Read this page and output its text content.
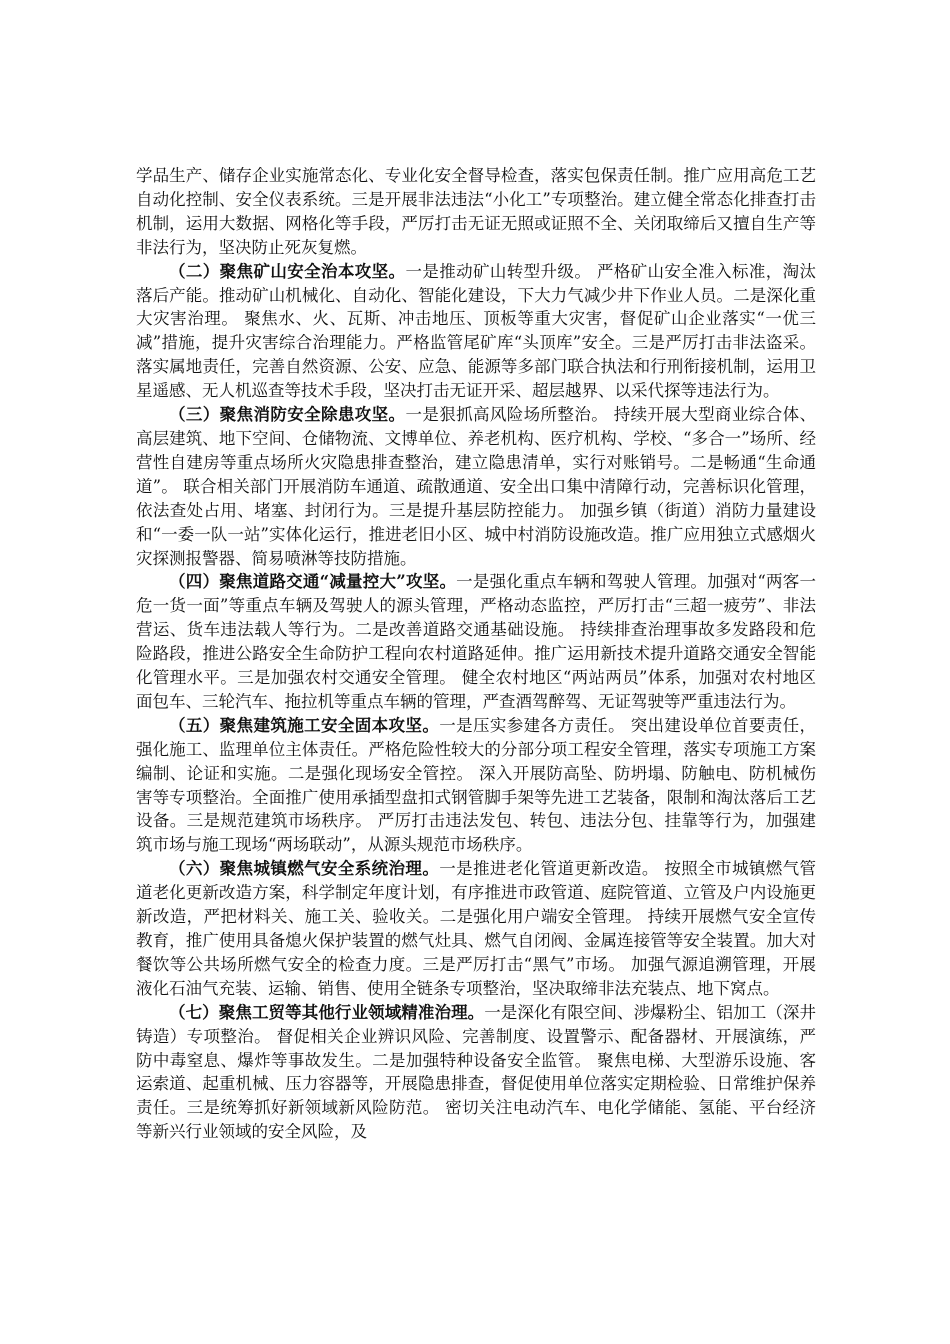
学品生产、储存企业实施常态化、专业化安全督导检查，落实包保责任制。推广应用高危工艺自动化控制、安全仪表系统。三是开展非法违法“小化工”专项整治。建立健全常态化排查打击机制，运用大数据、网格化等手段，严厉打击无证无照或证照不全、关闭取缔后又擅自生产等非法行为，坚决防止死灰复燃。

（二）聚焦矿山安全治本攻坚。一是推动矿山转型升级。 严格矿山安全准入标准，淘汰落后产能。推动矿山机械化、自动化、智能化建设，下大力气减少井下作业人员。二是深化重大灾害治理。 聚焦水、火、瓦斯、冲击地压、顶板等重大灾害，督促矿山企业落实“一优三减”措施，提升灾害综合治理能力。严格监管尾矿库“头顶库”安全。三是严厉打击非法盗采。 落实属地责任，完善自然资源、公安、应急、能源等多部门联合执法和行刑衔接机制，运用卫星遥感、无人机巡查等技术手段，坚决打击无证开采、超层越界、以采代探等违法行为。

（三）聚焦消防安全除患攻坚。一是狠抓高风险场所整治。 持续开展大型商业综合体、高层建筑、地下空间、仓储物流、文博单位、养老机构、医疗机构、学校、“多合一”场所、经营性自建房等重点场所火灾隐患排查整治，建立隐患清单，实行对账销号。二是畅通“生命通道”。 联合相关部门开展消防车通道、疏散通道、安全出口集中清障行动，完善标识化管理，依法查处占用、堵塞、封闭行为。三是提升基层防控能力。 加强乡镇（街道）消防力量建设和“一委一队一站”实体化运行，推进老旧小区、城中村消防设施改造。推广应用独立式感烟火灾探测报警器、简易喷淋等技防措施。

（四）聚焦道路交通“减量控大”攻坚。一是强化重点车辆和驾驶人管理。加强对“两客一危一货一面”等重点车辆及驾驶人的源头管理，严格动态监控，严厉打击“三超一疲劳”、非法营运、货车违法载人等行为。二是改善道路交通基础设施。 持续排查治理事故多发路段和危险路段，推进公路安全生命防护工程向农村道路延伸。推广运用新技术提升道路交通安全智能化管理水平。三是加强农村交通安全管理。 健全农村地区“两站两员”体系，加强对农村地区面包车、三轮汽车、拖拉机等重点车辆的管理，严查酒驾醉驾、无证驾驶等严重违法行为。

（五）聚焦建筑施工安全固本攻坚。一是压实参建各方责任。 突出建设单位首要责任，强化施工、监理单位主体责任。严格危险性较大的分部分项工程安全管理，落实专项施工方案编制、论证和实施。二是强化现场安全管控。 深入开展防高坠、防坍塌、防触电、防机械伤害等专项整治。全面推广使用承插型盘扣式钢管脚手架等先进工艺装备，限制和淘汰落后工艺设备。三是规范建筑市场秩序。 严厉打击违法发包、转包、违法分包、挂靠等行为，加强建筑市场与施工现场“两场联动”，从源头规范市场秩序。

（六）聚焦城镇燃气安全系统治理。一是推进老化管道更新改造。 按照全市城镇燃气管道老化更新改造方案，科学制定年度计划，有序推进市政管道、庭院管道、立管及户内设施更新改造，严把材料关、施工关、验收关。二是强化用户端安全管理。 持续开展燃气安全宣传教育，推广使用具备熄火保护装置的燃气灶具、燃气自闭阀、金属连接管等安全装置。加大对餐饮等公共场所燃气安全的检查力度。三是严厉打击“黑气”市场。 加强气源追溯管理，开展液化石油气充装、运输、销售、使用全链条专项整治，坚决取缔非法充装点、地下窝点。

（七）聚焦工贸等其他行业领域精准治理。一是深化有限空间、涉爆粉尘、铝加工（深井铸造）专项整治。 督促相关企业辨识风险、完善制度、设置警示、配备器材、开展演练，严防中毒窒息、爆炸等事故发生。二是加强特种设备安全监管。 聚焦电梯、大型游乐设施、客运索道、起重机械、压力容器等，开展隐患排查，督促使用单位落实定期检验、日常维护保养责任。三是统筹抓好新领域新风险防范。 密切关注电动汽车、电化学储能、氢能、平台经济等新兴行业领域的安全风险，及
